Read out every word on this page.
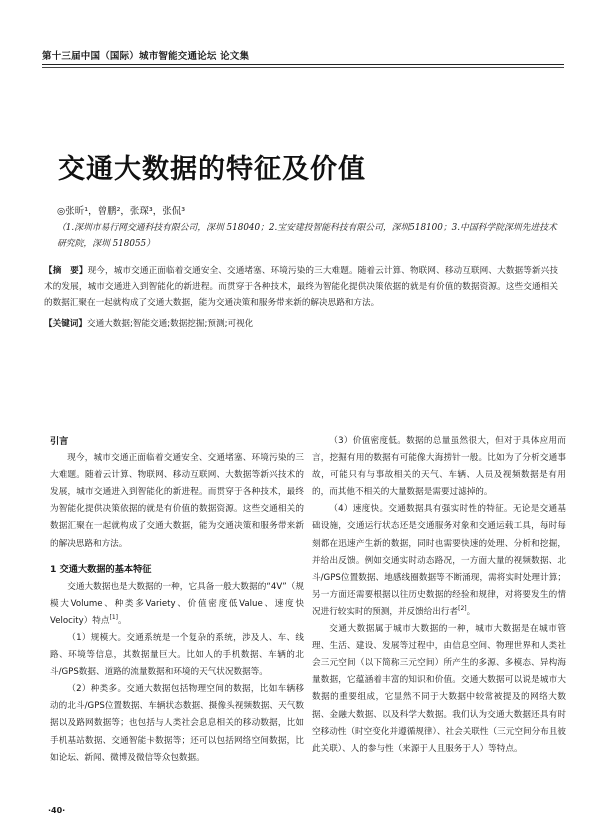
第十三届中国（国际）城市智能交通论坛 论文集
交通大数据的特征及价值
◎张昕¹，曾鹏²，张琛³，张侃³
（1.深圳市易行网交通科技有限公司，深圳 518040；2.宝安建投智能科技有限公司，深圳518100；3.中国科学院深圳先进技术研究院，深圳 518055）
【摘　要】现今，城市交通正面临着交通安全、交通堵塞、环境污染的三大难题。随着云计算、物联网、移动互联网、大数据等新兴技术的发展，城市交通进入到智能化的新进程。而贯穿于各种技术，最终为智能化提供决策依据的就是有价值的数据资源。这些交通相关的数据汇聚在一起就构成了交通大数据，能为交通决策和服务带来新的解决思路和方法。
【关键词】交通大数据;智能交通;数据挖掘;预测;可视化
引言

现今，城市交通正面临着交通安全、交通堵塞、环境污染的三大难题。随着云计算、物联网、移动互联网、大数据等新兴技术的发展，城市交通进入到智能化的新进程。而贯穿于各种技术，最终为智能化提供决策依据的就是有价值的数据资源。这些交通相关的数据汇聚在一起就构成了交通大数据，能为交通决策和服务带来新的解决思路和方法。

1 交通大数据的基本特征

交通大数据也是大数据的一种，它具备一般大数据的“4V”（规模大Volume、种类多Variety、价值密度低Value、速度快Velocity）特点[1]。

（1）规模大。交通系统是一个复杂的系统，涉及人、车、线路、环境等信息，其数据量巨大。比如人的手机数据、车辆的北斗/GPS数据、道路的流量数据和环境的天气状况数据等。

（2）种类多。交通大数据包括物理空间的数据，比如车辆移动的北斗/GPS位置数据、车辆状态数据、摄像头视频数据、天气数据以及路网数据等；也包括与人类社会息息相关的移动数据，比如手机基站数据、交通智能卡数据等；还可以包括网络空间数据，比如论坛、新闻、微博及微信等众包数据。

（3）价值密度低。数据的总量虽然很大，但对于具体应用而言，挖掘有用的数据有可能像大海捞针一般。比如为了分析交通事故，可能只有与事故相关的天气、车辆、人员及视频数据是有用的，而其他不相关的大量数据是需要过滤掉的。

（4）速度快。交通数据具有强实时性的特征。无论是交通基础设施，交通运行状态还是交通服务对象和交通运载工具，每时每刻都在迅速产生新的数据，同时也需要快速的处理、分析和挖掘，并给出反馈。例如交通实时动态路况，一方面大量的视频数据、北斗/GPS位置数据、地感线圈数据等不断涌现，需将实时处理计算；另一方面还需要根据以往历史数据的经验和规律，对将要发生的情况进行较实时的预测，并反馈给出行者[2]。

交通大数据属于城市大数据的一种，城市大数据是在城市管理、生活、建设、发展等过程中，由信息空间、物理世界和人类社会三元空间（以下简称三元空间）所产生的多源、多模态、异构海量数据，它蕴涵着丰富的知识和价值。交通大数据可以说是城市大数据的重要组成，它显然不同于大数据中较常被提及的网络大数据、金融大数据、以及科学大数据。我们认为交通大数据还具有时空移动性（时空变化并遵循规律）、社会关联性（三元空间分布且彼此关联）、人的参与性（来源于人且服务于人）等特点。

·40·
